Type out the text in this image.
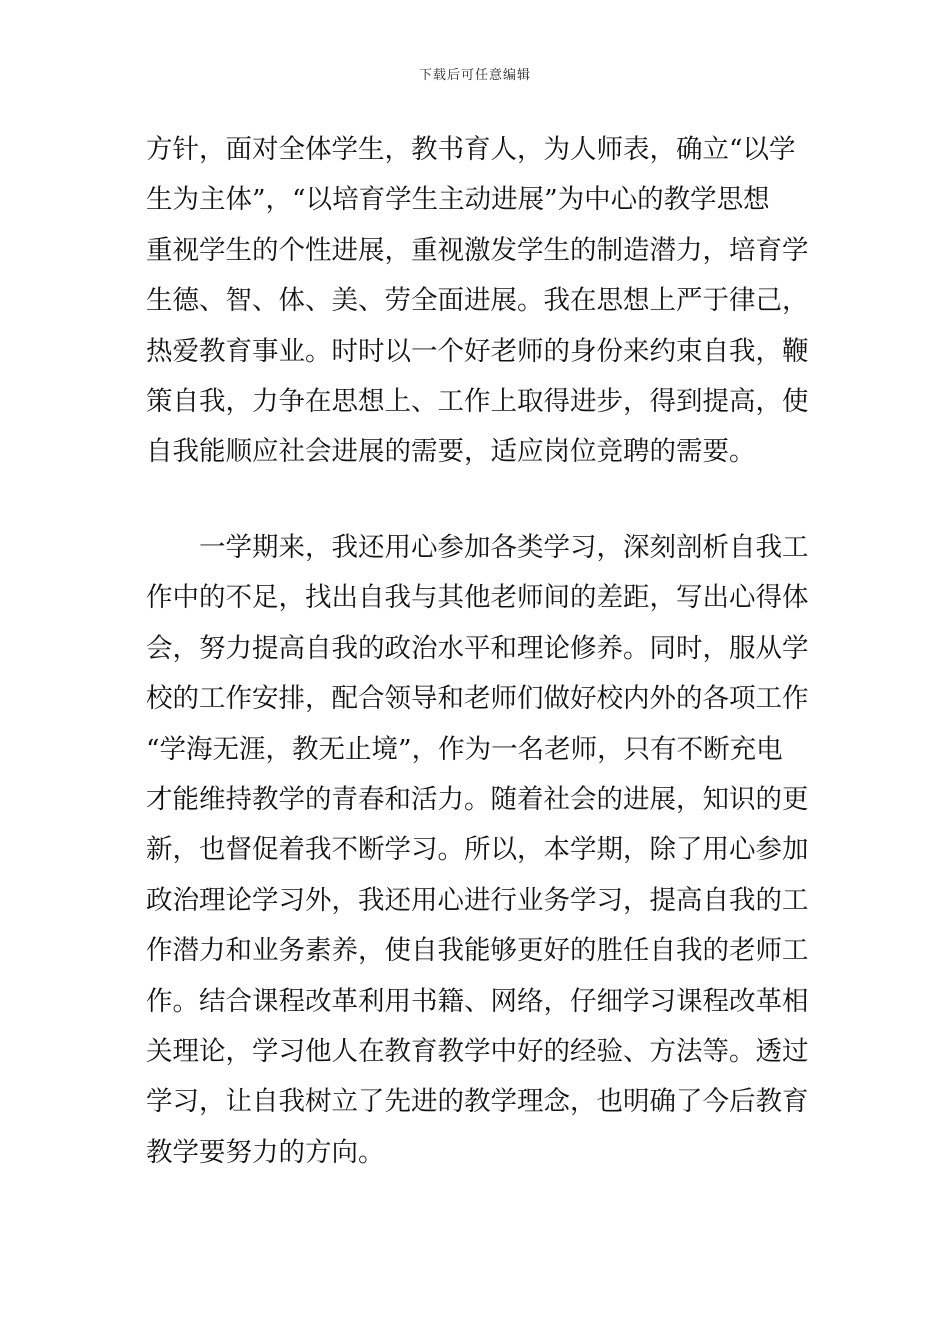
下载后可任意编辑
方针，面对全体学生，教书育人，为人师表，确立“以学
生为主体”，“以培育学生主动进展”为中心的教学思想
重视学生的个性进展，重视激发学生的制造潜力，培育学
生德、智、体、美、劳全面进展。我在思想上严于律己，
热爱教育事业。时时以一个好老师的身份来约束自我，鞭
策自我，力争在思想上、工作上取得进步，得到提高，使
自我能顺应社会进展的需要，适应岗位竞聘的需要。
一学期来，我还用心参加各类学习，深刻剖析自我工
作中的不足，找出自我与其他老师间的差距，写出心得体
会，努力提高自我的政治水平和理论修养。同时，服从学
校的工作安排，配合领导和老师们做好校内外的各项工作
“学海无涯，教无止境”，作为一名老师，只有不断充电
才能维持教学的青春和活力。随着社会的进展，知识的更
新，也督促着我不断学习。所以，本学期，除了用心参加
政治理论学习外，我还用心进行业务学习，提高自我的工
作潜力和业务素养，使自我能够更好的胜任自我的老师工
作。结合课程改革利用书籍、网络，仔细学习课程改革相
关理论，学习他人在教育教学中好的经验、方法等。透过
学习，让自我树立了先进的教学理念，也明确了今后教育
教学要努力的方向。
